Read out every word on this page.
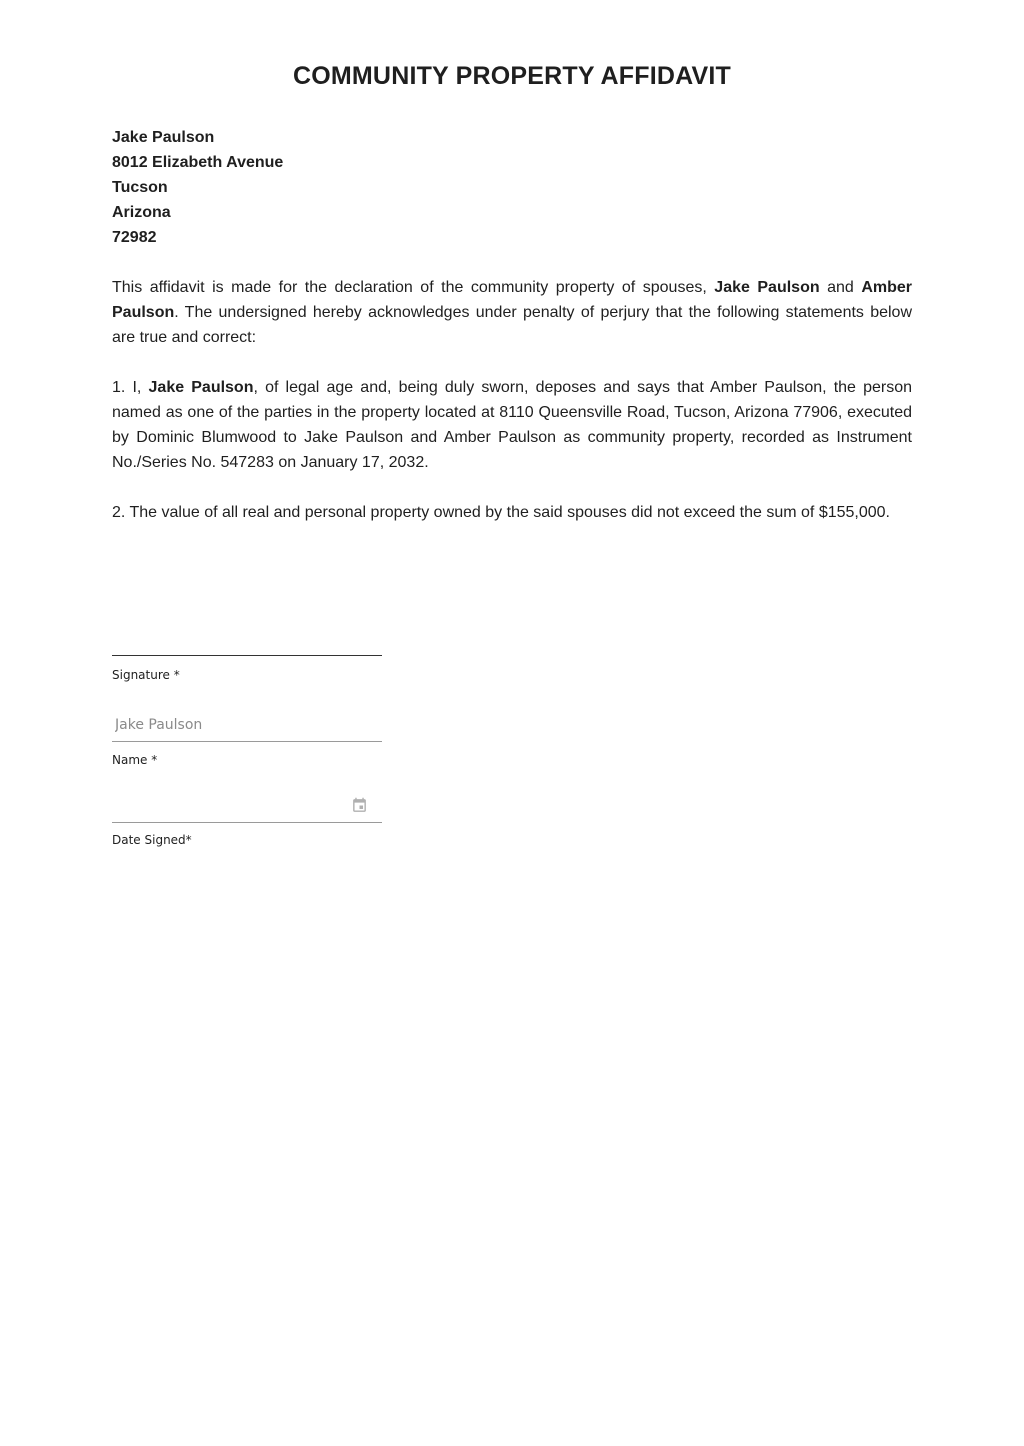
COMMUNITY PROPERTY AFFIDAVIT
Jake Paulson
8012 Elizabeth Avenue
Tucson
Arizona
72982

This affidavit is made for the declaration of the community property of spouses, Jake Paulson and Amber Paulson. The undersigned hereby acknowledges under penalty of perjury that the following statements below are true and correct:

1. I, Jake Paulson, of legal age and, being duly sworn, deposes and says that Amber Paulson, the person named as one of the parties in the property located at 8110 Queensville Road, Tucson, Arizona 77906, executed by Dominic Blumwood to Jake Paulson and Amber Paulson as community property, recorded as Instrument No./Series No. 547283 on January 17, 2032.

2. The value of all real and personal property owned by the said spouses did not exceed the sum of $155,000.

Signature *
Jake Paulson
Name *
Date Signed*
